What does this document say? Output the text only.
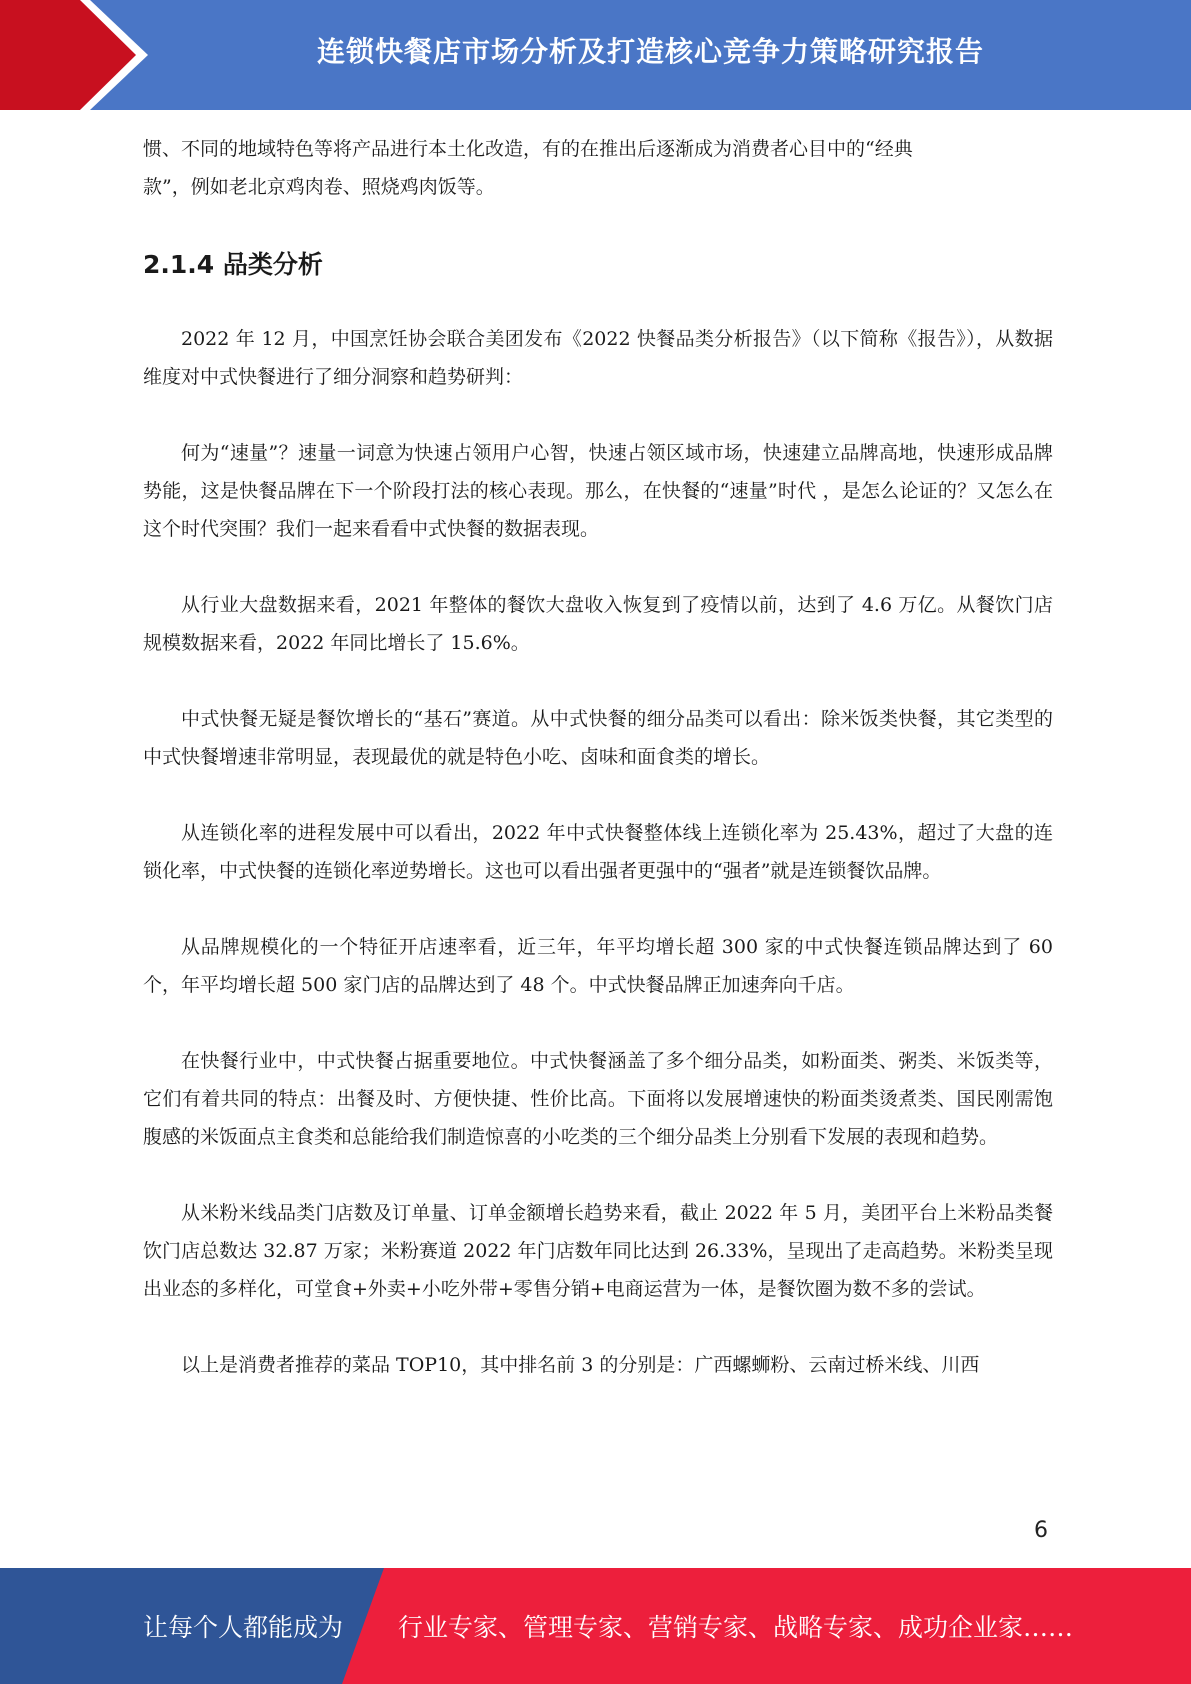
连锁快餐店市场分析及打造核心竞争力策略研究报告

惯、不同的地域特色等将产品进行本土化改造，有的在推出后逐渐成为消费者心目中的“经典

款”，例如老北京鸡肉卷、照烧鸡肉饭等。

2.1.4 品类分析

2022 年 12 月，中国烹饪协会联合美团发布《2022 快餐品类分析报告》（以下简称《报告》），从数据维度对中式快餐进行了细分洞察和趋势研判：

何为“速量”？速量一词意为快速占领用户心智，快速占领区域市场，快速建立品牌高地，快速形成品牌势能，这是快餐品牌在下一个阶段打法的核心表现。那么，在快餐的“速量”时代 ，是怎么论证的？又怎么在这个时代突围？我们一起来看看中式快餐的数据表现。

从行业大盘数据来看，2021 年整体的餐饮大盘收入恢复到了疫情以前，达到了 4.6 万亿。从餐饮门店规模数据来看，2022 年同比增长了 15.6%。

中式快餐无疑是餐饮增长的“基石”赛道。从中式快餐的细分品类可以看出：除米饭类快餐，其它类型的中式快餐增速非常明显，表现最优的就是特色小吃、卤味和面食类的增长。

从连锁化率的进程发展中可以看出，2022 年中式快餐整体线上连锁化率为 25.43%，超过了大盘的连锁化率，中式快餐的连锁化率逆势增长。这也可以看出强者更强中的“强者”就是连锁餐饮品牌。

从品牌规模化的一个特征开店速率看，近三年，年平均增长超 300 家的中式快餐连锁品牌达到了 60 个，年平均增长超 500 家门店的品牌达到了 48 个。中式快餐品牌正加速奔向千店。

在快餐行业中，中式快餐占据重要地位。中式快餐涵盖了多个细分品类，如粉面类、粥类、米饭类等，它们有着共同的特点：出餐及时、方便快捷、性价比高。下面将以发展增速快的粉面类烫煮类、国民刚需饱腹感的米饭面点主食类和总能给我们制造惊喜的小吃类的三个细分品类上分别看下发展的表现和趋势。

从米粉米线品类门店数及订单量、订单金额增长趋势来看，截止 2022 年 5 月，美团平台上米粉品类餐饮门店总数达 32.87 万家；米粉赛道 2022 年门店数年同比达到 26.33%，呈现出了走高趋势。米粉类呈现出业态的多样化，可堂食+外卖+小吃外带+零售分销+电商运营为一体，是餐饮圈为数不多的尝试。

以上是消费者推荐的菜品 TOP10，其中排名前 3 的分别是：广西螺蛳粉、云南过桥米线、川西

6
让每个人都能成为 行业专家、管理专家、营销专家、战略专家、成功企业家……
